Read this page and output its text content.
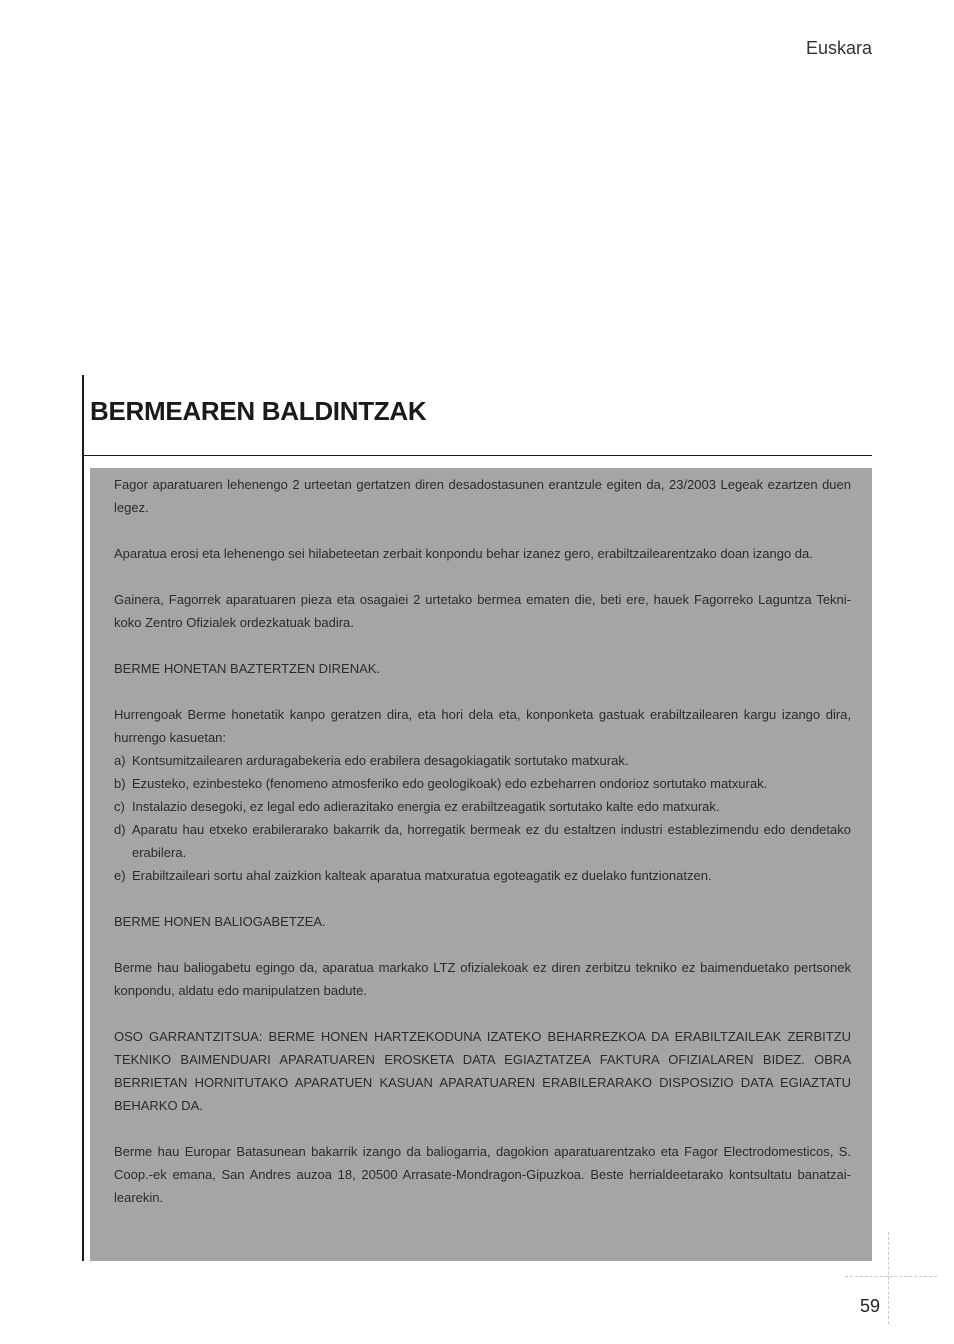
Euskara
BERMEAREN BALDINTZAK

Fagor aparatuaren lehenengo 2 urteetan gertatzen diren desadostasunen erantzule egiten da, 23/2003 Legeak ezartzen duen legez.

Aparatua erosi eta lehenengo sei hilabeteetan zerbait konpondu behar izanez gero, erabiltzailearentzako doan izango da.

Gainera, Fagorrek aparatuaren pieza eta osagaiei 2 urtetako bermea ematen die, beti ere, hauek Fagorreko Laguntza Tekni-koko Zentro Ofizialek ordezkatuak badira.

BERME HONETAN BAZTERTZEN DIRENAK.

Hurrengoak Berme honetatik kanpo geratzen dira, eta hori dela eta, konponketa gastuak erabiltzailearen kargu izango dira, hurrengo kasuetan:

a) Kontsumitzailearen arduragabekeria edo erabilera desagokiagatik sortutako matxurak.
b) Ezusteko, ezinbesteko (fenomeno atmosferiko edo geologikoak) edo ezbeharren ondorioz sortutako matxurak.
c) Instalazio desegoki, ez legal edo adierazitako energia ez erabiltzeagatik sortutako kalte edo matxurak.
d) Aparatu hau etxeko erabilerarako bakarrik da, horregatik bermeak ez du estaltzen industri establezimendu edo dendetako erabilera.
e) Erabiltzaileari sortu ahal zaizkion kalteak aparatua matxuratua egoteagatik ez duelako funtzionatzen.

BERME HONEN BALIOGABETZEA.

Berme hau baliogabetu egingo da, aparatua markako LTZ ofizialekoak ez diren zerbitzu tekniko ez baimenduetako pertsonek konpondu, aldatu edo manipulatzen badute.

OSO GARRANTZITSUA: BERME HONEN HARTZEKODUNA IZATEKO BEHARREZKOA DA ERABILTZAILEAK ZERBITZU TEKNIKO BAIMENDUARI APARATUAREN EROSKETA DATA EGIAZTATZEA FAKTURA OFIZIALAREN BIDEZ. OBRA BERRIETAN HORNITUTAKO APARATUEN KASUAN APARATUAREN ERABILERARAKO DISPOSIZIO DATA EGIAZTATU BEHARKO DA.

Berme hau Europar Batasunean bakarrik izango da baliogarria, dagokion aparatuarentzako eta Fagor Electrodomesticos, S. Coop.-ek emana, San Andres auzoa 18, 20500 Arrasate-Mondragon-Gipuzkoa. Beste herrialdeetarako kontsultatu banatzai-learekin.

59
